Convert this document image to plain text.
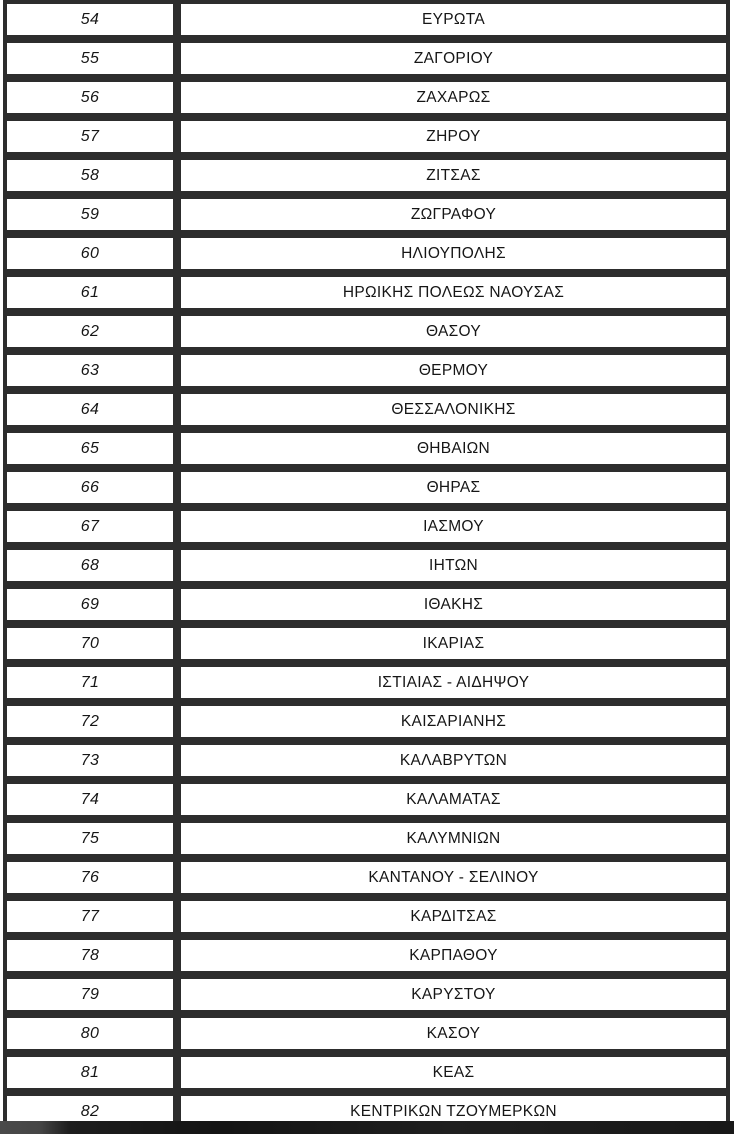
54	ΕΥΡΩΤΑ
55	ΖΑΓΟΡΙΟΥ
56	ΖΑΧΑΡΩΣ
57	ΖΗΡΟΥ
58	ΖΙΤΣΑΣ
59	ΖΩΓΡΑΦΟΥ
60	ΗΛΙΟΥΠΟΛΗΣ
61	ΗΡΩΙΚΗΣ ΠΟΛΕΩΣ ΝΑΟΥΣΑΣ
62	ΘΑΣΟΥ
63	ΘΕΡΜΟΥ
64	ΘΕΣΣΑΛΟΝΙΚΗΣ
65	ΘΗΒΑΙΩΝ
66	ΘΗΡΑΣ
67	ΙΑΣΜΟΥ
68	ΙΗΤΩΝ
69	ΙΘΑΚΗΣ
70	ΙΚΑΡΙΑΣ
71	ΙΣΤΙΑΙΑΣ - ΑΙΔΗΨΟΥ
72	ΚΑΙΣΑΡΙΑΝΗΣ
73	ΚΑΛΑΒΡΥΤΩΝ
74	ΚΑΛΑΜΑΤΑΣ
75	ΚΑΛΥΜΝΙΩΝ
76	ΚΑΝΤΑΝΟΥ - ΣΕΛΙΝΟΥ
77	ΚΑΡΔΙΤΣΑΣ
78	ΚΑΡΠΑΘΟΥ
79	ΚΑΡΥΣΤΟΥ
80	ΚΑΣΟΥ
81	ΚΕΑΣ
82	ΚΕΝΤΡΙΚΩΝ ΤΖΟΥΜΕΡΚΩΝ
